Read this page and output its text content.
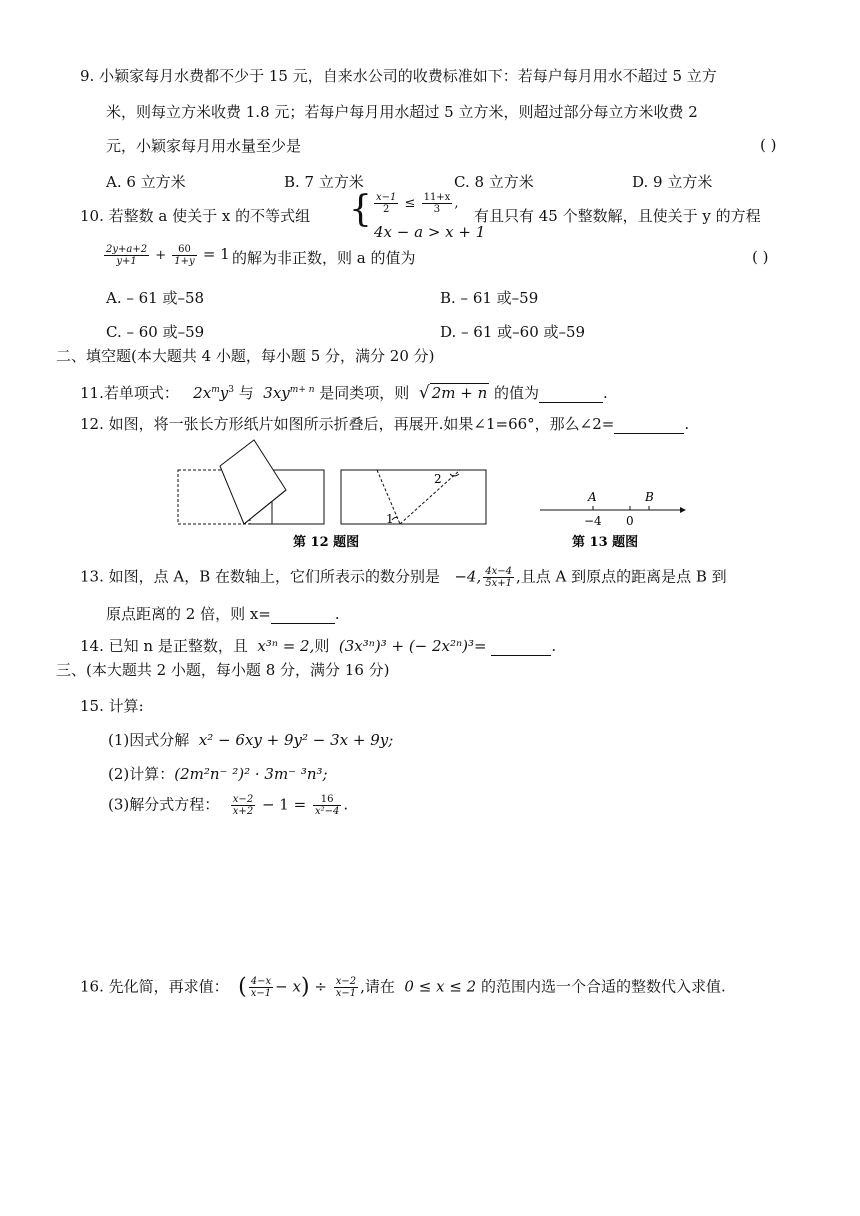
9. 小颖家每月水费都不少于 15 元，自来水公司的收费标准如下：若每户每月用水不超过 5 立方
米，则每立方米收费 1.8 元；若每户每月用水超过 5 立方米，则超过部分每立方米收费 2
元，小颖家每月用水量至少是	( )
A. 6 立方米	B. 7 立方米	C. 8 立方米	D. 9 立方米
10. 若整数 a 使关于 x 的不等式组 { $\frac{x-1}{2} \le \frac{11+x}{3}$ ,
4x − a > x + 1
有且只有 45 个整数解，且使关于 y 的方程
$\frac{2y+a+2}{y+1} + \frac{60}{1+y} = 1$ 的解为非正数，则 a 的值为	( )
A. – 61 或–58	B. – 61 或–59
C. – 60 或–59	D. – 61 或–60 或–59
二、填空题(本大题共 4 小题，每小题 5 分，满分 20 分)
11.若单项式： $2x^my^3$ 与 $3xy^{m+ n}$ 是同类项，则 √ 2m + n 的值为	.
12. 如图，将一张长方形纸片如图所示折叠后，再展开.如果∠1=66°，那么∠2=	.
1
2
第 12 题图
A	B
−4 0
第 13 题图
13. 如图，点 A，B 在数轴上，它们所表示的数分别是 −4, $\frac{4x-4}{5x+1}$ ,且点 A 到原点的距离是点 B 到
原点距离的 2 倍，则 x=	.
14. 已知 n 是正整数，且 x³ⁿ = 2,则 (3x³ⁿ)³ + (− 2x²ⁿ)³=	.
三、(本大题共 2 小题，每小题 8 分，满分 16 分)
15. 计算:
(1)因式分解 x² − 6xy + 9y² − 3x + 9y;
(2)计算：(2m²n⁻ ²)² · 3m⁻ ³n³;
(3)解分式方程： $\frac{x-2}{x+2} - 1 = \frac{16}{\text{x²−4}}$ .
16. 先化简，再求值： ( $\frac{4-x}{x-1} - x) \div \frac{x-2}{x-1}$ ,请在 0 ≤ x ≤ 2 的范围内选一个合适的整数代入求值.
